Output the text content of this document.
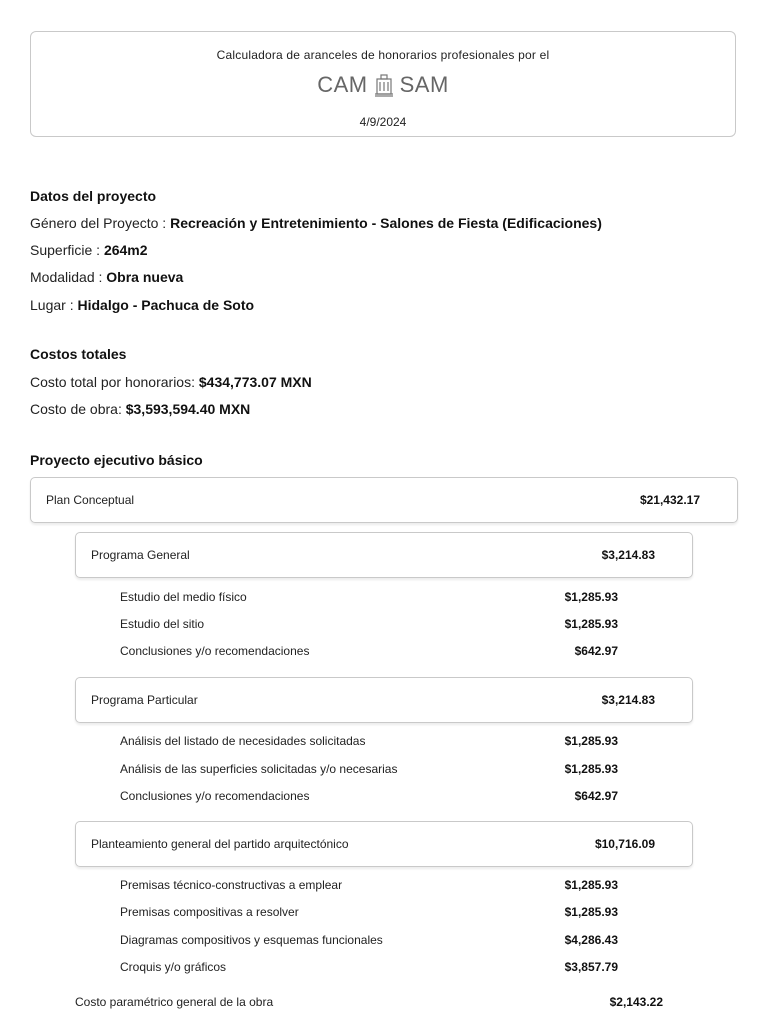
Calculadora de aranceles de honorarios profesionales por el
CAM SAM
4/9/2024
Datos del proyecto
Género del Proyecto : Recreación y Entretenimiento - Salones de Fiesta (Edificaciones)
Superficie : 264m2
Modalidad : Obra nueva
Lugar : Hidalgo - Pachuca de Soto
Costos totales
Costo total por honorarios: $434,773.07 MXN
Costo de obra: $3,593,594.40 MXN
Proyecto ejecutivo básico
Plan Conceptual	$21,432.17
Programa General	$3,214.83
Estudio del medio físico	$1,285.93
Estudio del sitio	$1,285.93
Conclusiones y/o recomendaciones	$642.97
Programa Particular	$3,214.83
Análisis del listado de necesidades solicitadas	$1,285.93
Análisis de las superficies solicitadas y/o necesarias	$1,285.93
Conclusiones y/o recomendaciones	$642.97
Planteamiento general del partido arquitectónico	$10,716.09
Premisas técnico-constructivas a emplear	$1,285.93
Premisas compositivas a resolver	$1,285.93
Diagramas compositivos y esquemas funcionales	$4,286.43
Croquis y/o gráficos	$3,857.79
Costo paramétrico general de la obra	$2,143.22
